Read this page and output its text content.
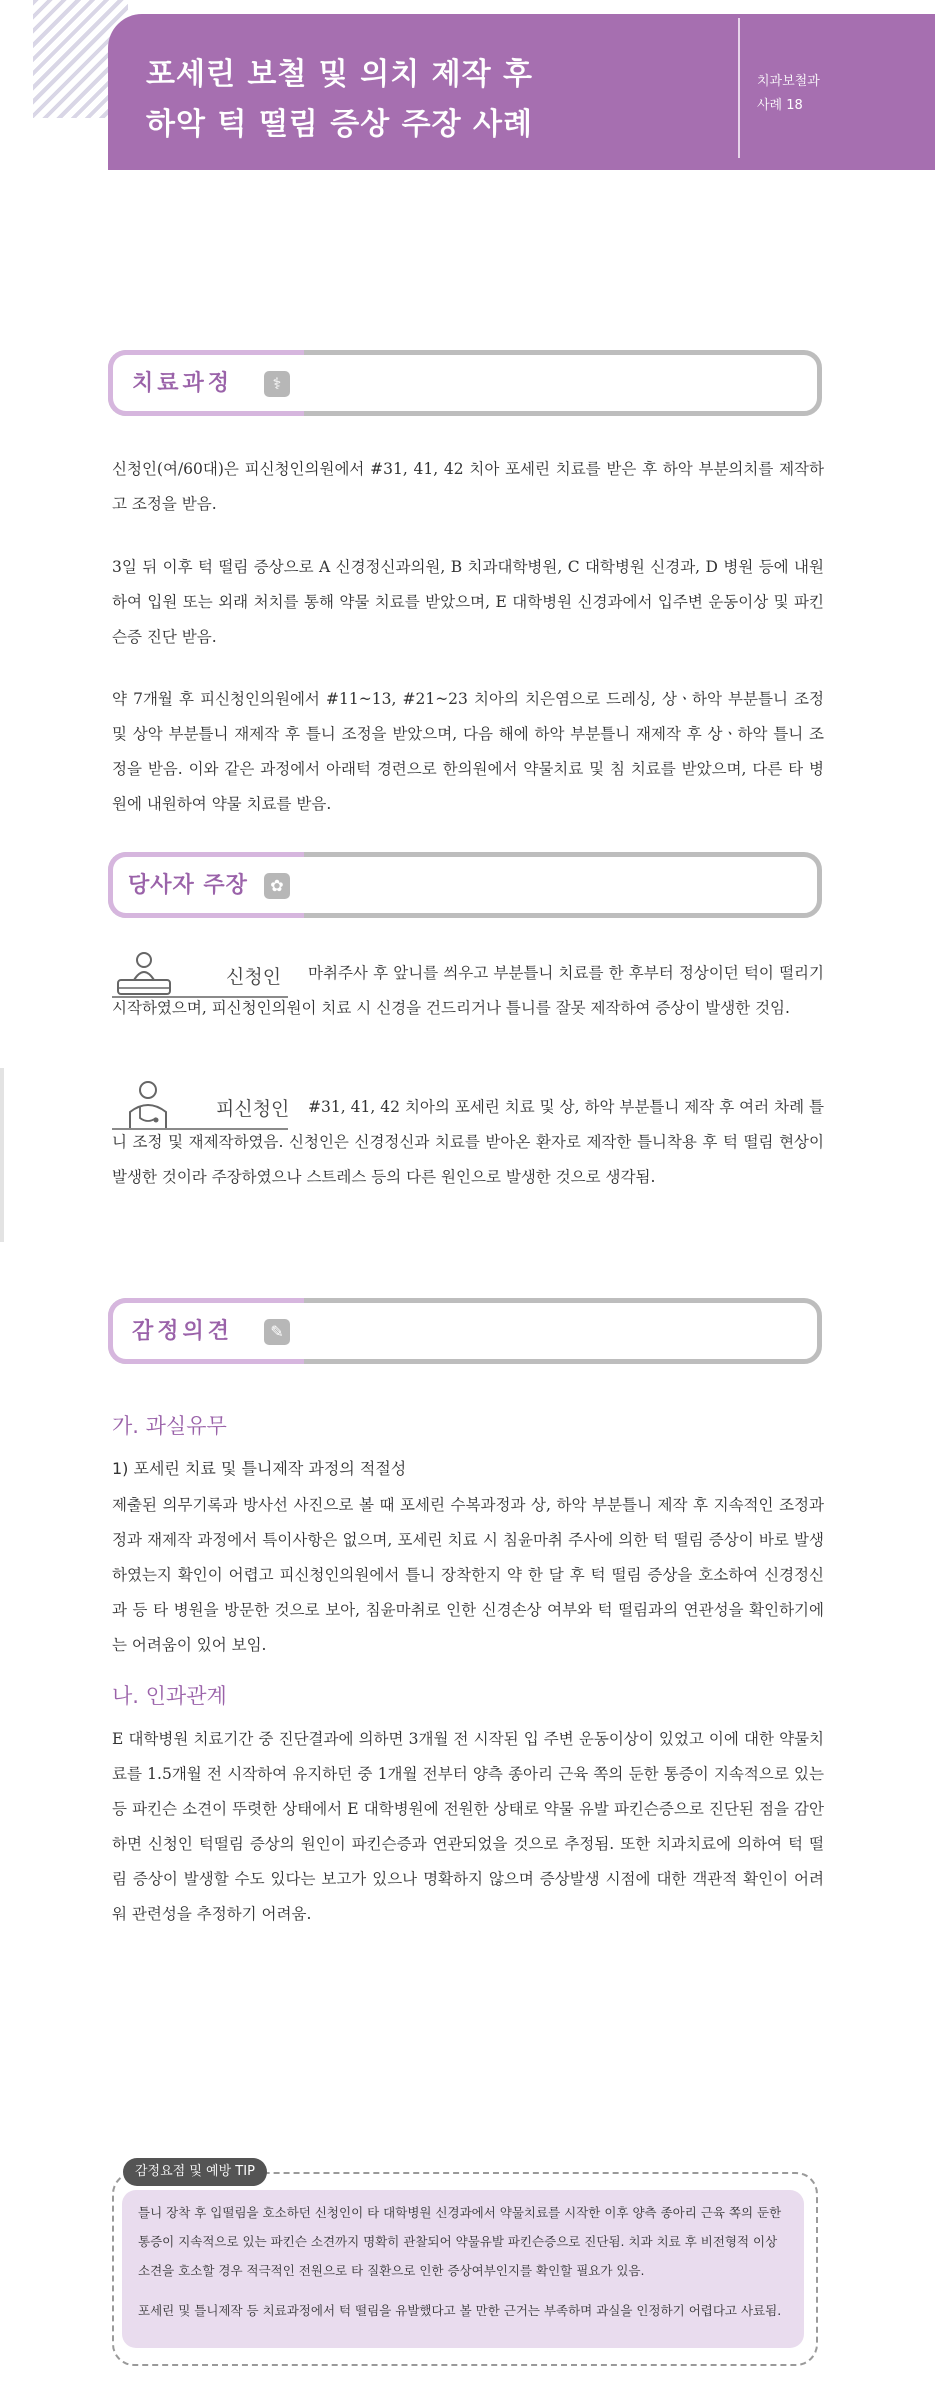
포세린 보철 및 의치 제작 후
하악 턱 떨림 증상 주장 사례
치과보철과
사례 18
치료과정	⚕
신청인(여/60대)은 피신청인의원에서 #31, 41, 42 치아 포세린 치료를 받은 후 하악 부분의치를 제작하고 조정을 받음.
3일 뒤 이후 턱 떨림 증상으로 A 신경정신과의원, B 치과대학병원, C 대학병원 신경과, D 병원 등에 내원하여 입원 또는 외래 처치를 통해 약물 치료를 받았으며, E 대학병원 신경과에서 입주변 운동이상 및 파킨슨증 진단 받음.
약 7개월 후 피신청인의원에서 #11~13, #21~23 치아의 치은염으로 드레싱, 상ㆍ하악 부분틀니 조정 및 상악 부분틀니 재제작 후 틀니 조정을 받았으며, 다음 해에 하악 부분틀니 재제작 후 상ㆍ하악 틀니 조정을 받음. 이와 같은 과정에서 아래턱 경련으로 한의원에서 약물치료 및 침 치료를 받았으며, 다른 타 병원에 내원하여 약물 치료를 받음.
당사자 주장	✿
신청인	마취주사 후 앞니를 씌우고 부분틀니 치료를 한 후부터 정상이던 턱이 떨리기 시작하였으며, 피신청인의원이 치료 시 신경을 건드리거나 틀니를 잘못 제작하여 증상이 발생한 것임.
피신청인	#31, 41, 42 치아의 포세린 치료 및 상, 하악 부분틀니 제작 후 여러 차례 틀니 조정 및 재제작하였음. 신청인은 신경정신과 치료를 받아온 환자로 제작한 틀니착용 후 턱 떨림 현상이 발생한 것이라 주장하였으나 스트레스 등의 다른 원인으로 발생한 것으로 생각됨.
감정의견	✎
가. 과실유무
1) 포세린 치료 및 틀니제작 과정의 적절성
제출된 의무기록과 방사선 사진으로 볼 때 포세린 수복과정과 상, 하악 부분틀니 제작 후 지속적인 조정과정과 재제작 과정에서 특이사항은 없으며, 포세린 치료 시 침윤마취 주사에 의한 턱 떨림 증상이 바로 발생하였는지 확인이 어렵고 피신청인의원에서 틀니 장착한지 약 한 달 후 턱 떨림 증상을 호소하여 신경정신과 등 타 병원을 방문한 것으로 보아, 침윤마취로 인한 신경손상 여부와 턱 떨림과의 연관성을 확인하기에는 어려움이 있어 보임.
나. 인과관계
E 대학병원 치료기간 중 진단결과에 의하면 3개월 전 시작된 입 주변 운동이상이 있었고 이에 대한 약물치료를 1.5개월 전 시작하여 유지하던 중 1개월 전부터 양측 종아리 근육 쪽의 둔한 통증이 지속적으로 있는 등 파킨슨 소견이 뚜렷한 상태에서 E 대학병원에 전원한 상태로 약물 유발 파킨슨증으로 진단된 점을 감안하면 신청인 턱떨림 증상의 원인이 파킨슨증과 연관되었을 것으로 추정됨. 또한 치과치료에 의하여 턱 떨림 증상이 발생할 수도 있다는 보고가 있으나 명확하지 않으며 증상발생 시점에 대한 객관적 확인이 어려워 관련성을 추정하기 어려움.
감정요점 및 예방 TIP
틀니 장착 후 입떨림을 호소하던 신청인이 타 대학병원 신경과에서 약물치료를 시작한 이후 양측 종아리 근육 쪽의 둔한 통증이 지속적으로 있는 파킨슨 소견까지 명확히 관찰되어 약물유발 파킨슨증으로 진단됨. 치과 치료 후 비전형적 이상 소견을 호소할 경우 적극적인 전원으로 타 질환으로 인한 증상여부인지를 확인할 필요가 있음.
포세린 및 틀니제작 등 치료과정에서 턱 떨림을 유발했다고 볼 만한 근거는 부족하며 과실을 인정하기 어렵다고 사료됨.
